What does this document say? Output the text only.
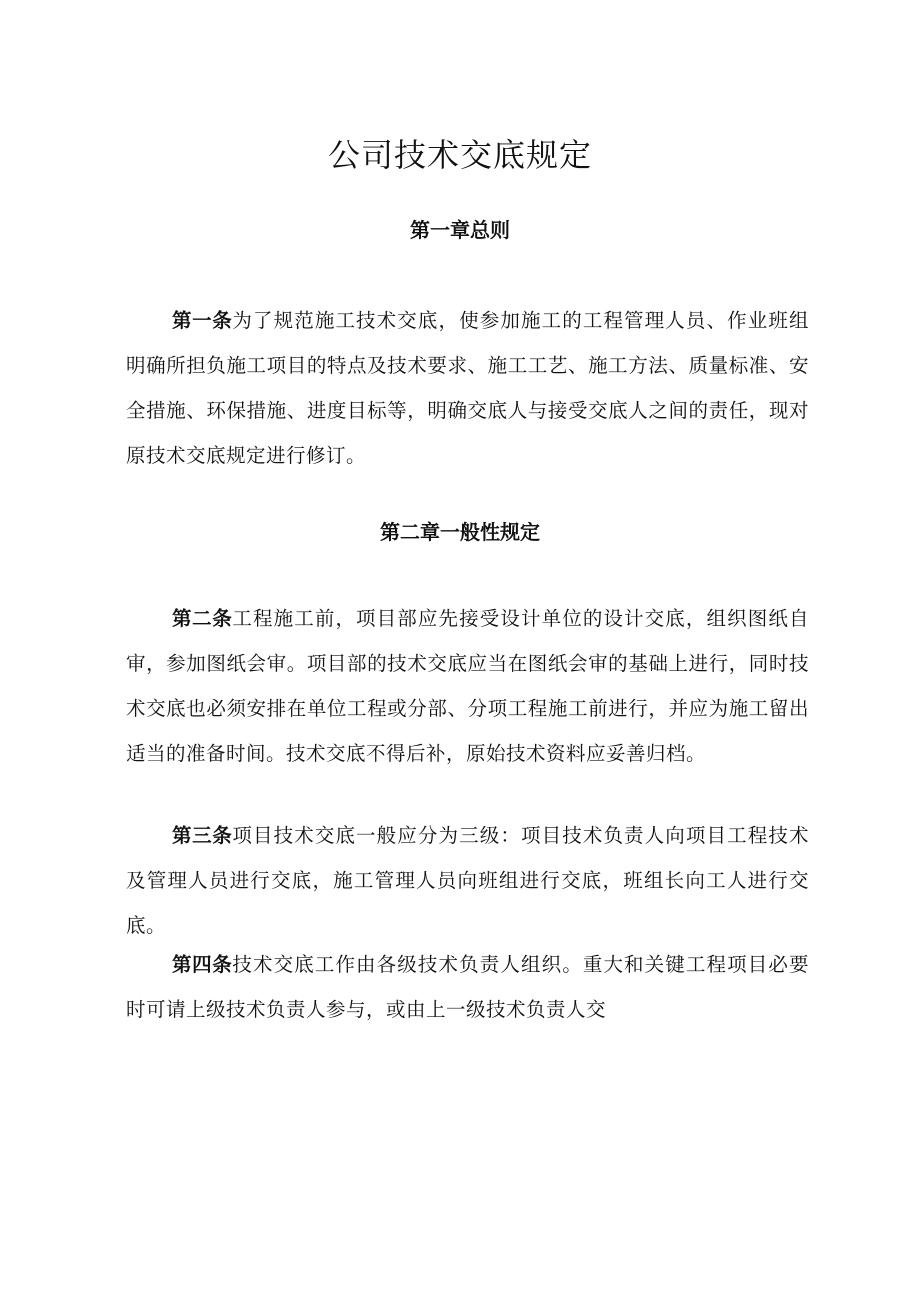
公司技术交底规定
第一章总则

第一条为了规范施工技术交底，使参加施工的工程管理人员、作业班组明确所担负施工项目的特点及技术要求、施工工艺、施工方法、质量标准、安全措施、环保措施、进度目标等，明确交底人与接受交底人之间的责任，现对原技术交底规定进行修订。

第二章一般性规定

第二条工程施工前，项目部应先接受设计单位的设计交底，组织图纸自审，参加图纸会审。项目部的技术交底应当在图纸会审的基础上进行，同时技术交底也必须安排在单位工程或分部、分项工程施工前进行，并应为施工留出适当的准备时间。技术交底不得后补，原始技术资料应妥善归档。

第三条项目技术交底一般应分为三级：项目技术负责人向项目工程技术及管理人员进行交底，施工管理人员向班组进行交底，班组长向工人进行交底。

第四条技术交底工作由各级技术负责人组织。重大和关键工程项目必要时可请上级技术负责人参与，或由上一级技术负责人交
